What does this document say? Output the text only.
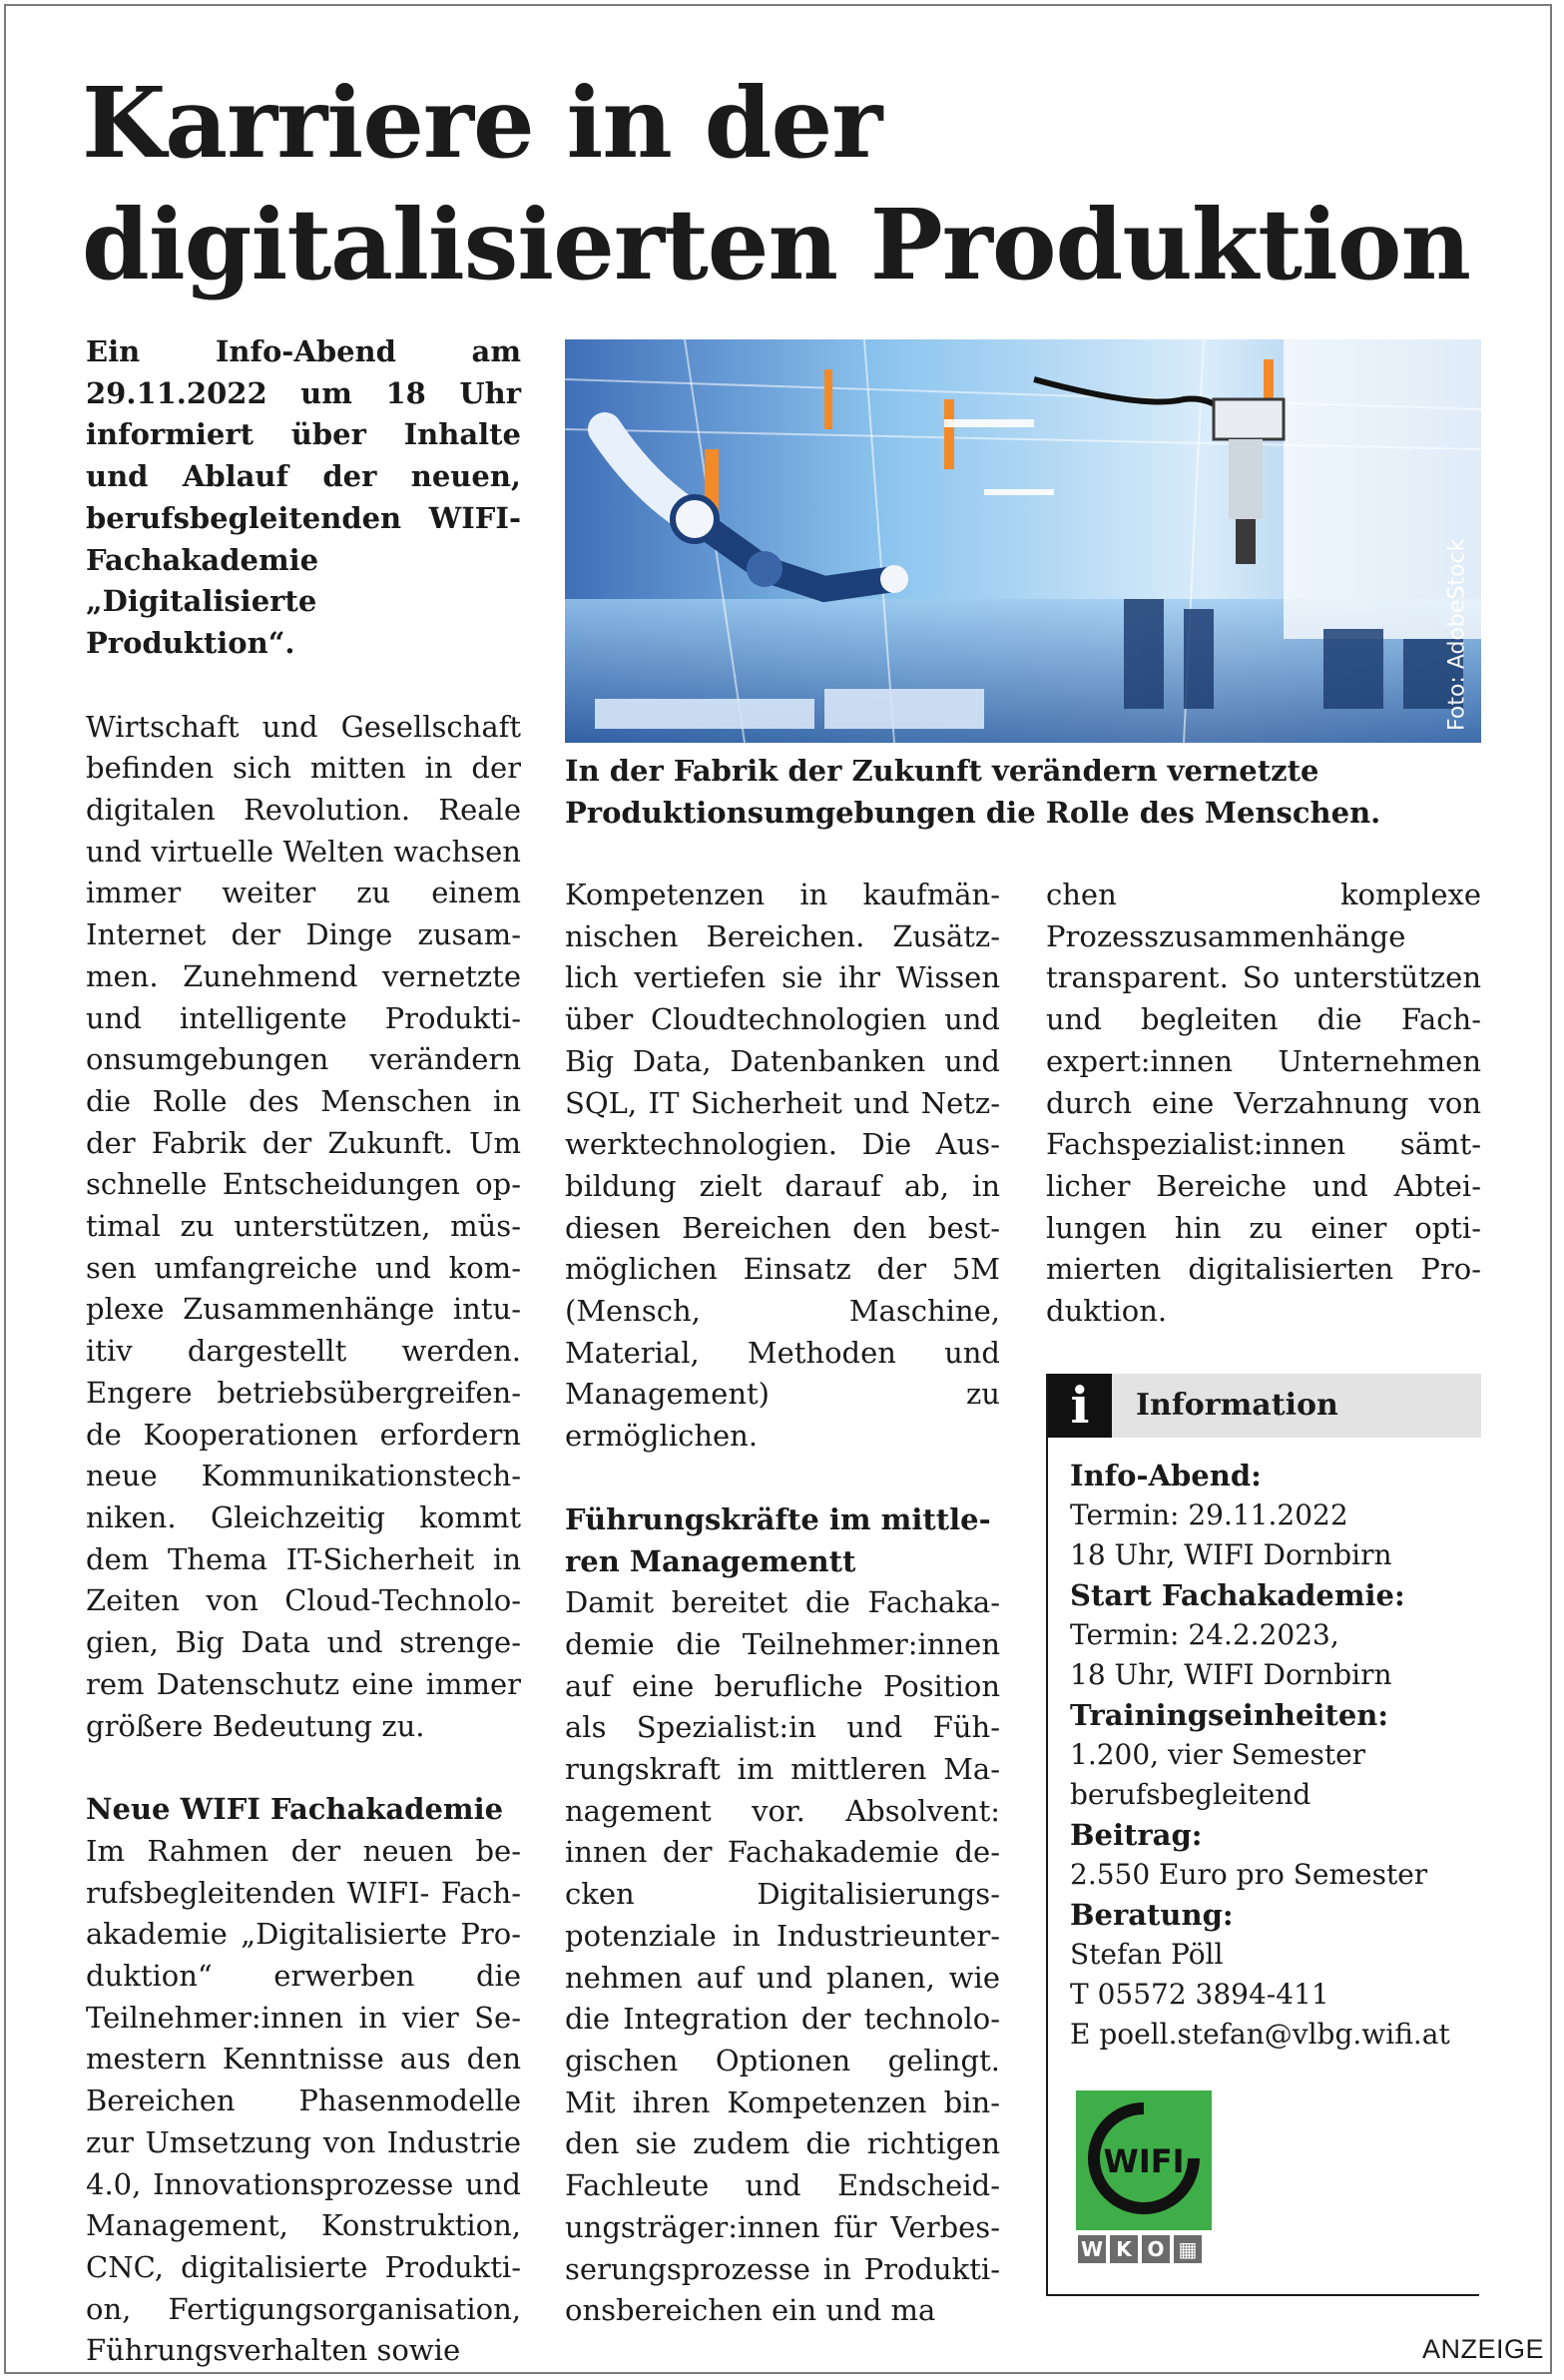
Karriere in der digitalisierten Produktion

Ein Info-Abend am 29.11.2022 um 18 Uhr informiert über Inhalte und Ablauf der neuen, berufsbegleitenden WIFI-Fachakademie „Digitalisierte Produktion“.

Wirtschaft und Gesellschaft befinden sich mitten in der digitalen Revolution. Reale und virtuelle Welten wachsen immer weiter zu einem Internet der Dinge zusammen. Zunehmend vernetzte und intelligente Produktionsumgebungen verändern die Rolle des Menschen in der Fabrik der Zukunft. Um schnelle Entscheidungen optimal zu unterstützen, müssen umfangreiche und komplexe Zusammenhänge intuitiv dargestellt werden. Engere betriebsübergreifende Kooperationen erfordern neue Kommunikationstechniken. Gleichzeitig kommt dem Thema IT-Sicherheit in Zeiten von Cloud-Technologien, Big Data und strengerem Datenschutz eine immer größere Bedeutung zu.

Neue WIFI Fachakademie

Im Rahmen der neuen berufsbegleitenden WIFI- Fachakademie „Digitalisierte Produktion“ erwerben die Teilnehmer:innen in vier Semestern Kenntnisse aus den Bereichen Phasenmodelle zur Umsetzung von Industrie 4.0, Innovationsprozesse und Management, Konstruktion, CNC, digitalisierte Produktion, Fertigungsorganisation, Führungsverhalten sowie

Foto: AdobeStock
In der Fabrik der Zukunft verändern vernetzte Produktionsumgebungen die Rolle des Menschen.

Kompetenzen in kaufmännischen Bereichen. Zusätzlich vertiefen sie ihr Wissen über Cloudtechnologien und Big Data, Datenbanken und SQL, IT Sicherheit und Netzwerktechnologien. Die Ausbildung zielt darauf ab, in diesen Bereichen den bestmöglichen Einsatz der 5M (Mensch, Maschine, Material, Methoden und Management) zu ermöglichen.

Führungskräfte im mittleren Managementt

Damit bereitet die Fachakademie die Teilnehmer:innen auf eine berufliche Position als Spezialist:in und Führungskraft im mittleren Management vor. Absolvent: innen der Fachakademie decken Digitalisierungspotenziale in Industrieunternehmen auf und planen, wie die Integration der technologischen Optionen gelingt. Mit ihren Kompetenzen binden sie zudem die richtigen Fachleute und Endscheidungsträger:innen für Verbesserungsprozesse in Produktionsbereichen ein und ma

chen komplexe Prozesszusammenhänge transparent. So unterstützen und begleiten die Fachexpert:innen Unternehmen durch eine Verzahnung von Fachspezialist:innen sämtlicher Bereiche und Abteilungen hin zu einer optimierten digitalisierten Produktion.

i	Information
Info-Abend:
Termin: 29.11.2022
18 Uhr, WIFI Dornbirn
Start Fachakademie:
Termin: 24.2.2023,
18 Uhr, WIFI Dornbirn
Trainingseinheiten:
1.200, vier Semester
berufsbegleitend
Beitrag:
2.550 Euro pro Semester
Beratung:
Stefan Pöll
T 05572 3894-411
E poell.stefan@vlbg.wifi.at
WIFI
W K O ▦
ANZEIGE
